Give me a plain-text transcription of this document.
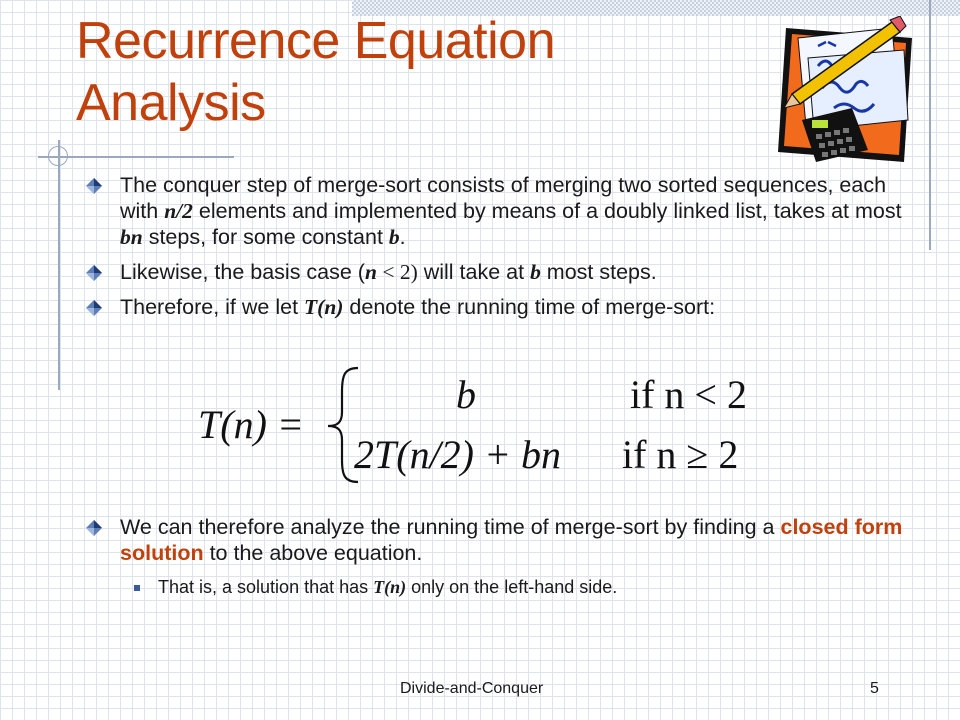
Recurrence Equation
Analysis
The conquer step of merge-sort consists of merging two sorted sequences, each with n/2 elements and implemented by means of a doubly linked list, takes at most bn steps, for some constant b.
Likewise, the basis case (n < 2) will take at b most steps.
Therefore, if we let T(n) denote the running time of merge-sort:
T(n) =
b	if n < 2
2T(n/2) + bn if n ≥ 2
We can therefore analyze the running time of merge-sort by finding a closed form solution to the above equation.
That is, a solution that has T(n) only on the left-hand side.
Divide-and-Conquer	5
